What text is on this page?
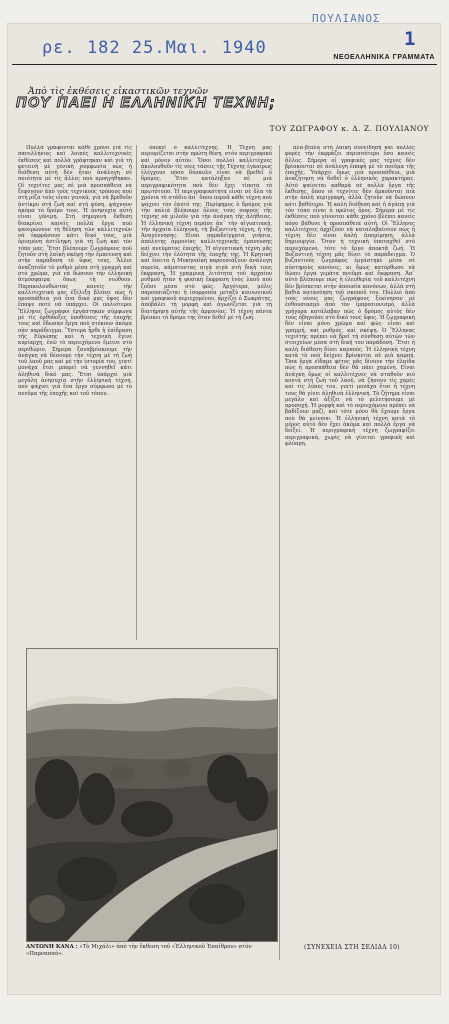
ρε. 182 25.Μαι. 1940
ΠΟΥΛΙΑΝΟΣ
1
ΝΕΟΕΛΛΗΝΙΚΑ ΓΡΑΜΜΑΤΑ
Ἀπὸ τὶς ἐκθέσεις εἰκαστικῶν τεχνῶν
ΠΟΥ ΠΑΕΙ Η ΕΛΛΗΝΙΚΗ ΤΕΧΝΗ;
ΤΟΥ ΖΩΓΡΑΦΟΥ κ. Δ. Ζ. ΠΟΥΛΙΑΝΟΥ

Πολλὰ γράφονται κάθε χρόνο γιὰ τὶς πανελλήνιες καὶ λοιπὲς καλλιτεχνικὲς ἐκθέσεις καὶ πολλὰ γράφτηκαν καὶ γιὰ τὴ φετεινὴ μὲ γενικὴ συμφωνία πὼς ἡ διάθεση αὐτὴ δὲν ἦταν ἀνάλογη σὲ ποιότητα μὲ τὶς ἄλλες ποὺ προηγήθηκαν. Οἱ τεχνίτες μας σὲ μιὰ προσπάθεια νὰ ξεφύγουν ἀπὸ τοὺς τεχνικοὺς τρόπους ποὺ στὴ ρίζα τοὺς εἶναι γενικά, γιὰ νὰ βρεθοῦν ἀντίκρυ στὴ ζωὴ καὶ στὴ φύση, ψάχνουν ἀκόμα τὸ δρόμο τους. Ἡ ἀνησυχία αὐτὴ εἶναι γόνιμη. Στὴ σημερινὴ ἔκθεση διακρίνει κανεὶς πολλὰ ἔργα ποὺ φανερώνουν τὴ θέληση τῶν καλλιτεχνῶν νὰ ἐκφράσουν κάτι δικό τους, μιὰ ὁρισμένη ἀντίληψη γιὰ τὴ ζωὴ καὶ τὸν τόπο μας. Ἔτσι βλέπουμε ζωγράφους ποὺ ζητοῦν στὴ λαϊκὴ σκέψη τὴν ἔμπνευση καὶ στὴν παράδοση τὸ ὕφος τους. Ἄλλοι ἀναζητοῦν τὸ ρυθμὸ μέσα στὴ γραμμὴ καὶ στὸ χρῶμα, γιὰ νὰ δώσουν τὴν ἑλληνικὴ ἀτμόσφαιρα ὅπως τὴ νιώθουν. Παρακολουθώντας κανεὶς τὴν καλλιτεχνικὴ μας ἐξέλιξη βλέπει πὼς ἡ προσπάθεια γιὰ ἕνα δικό μας ὕφος δὲν ἔπαψε ποτὲ νὰ ὑπάρχει. Οἱ παλιότεροι Ἕλληνες ζωγράφοι ἐργάστηκαν σύμφωνα μὲ τὶς ὀρθόδοξες ὑποθέσεις τῆς ἐποχῆς τους καὶ ἔδωσαν ἔργα ποὺ στέκουν ἀκόμα σὰν παράδειγμα. Ὕστερα ἦρθε ἡ ἐπίδραση τῆς Εὐρώπης καὶ ἡ τεχνικὴ ἔγινε κυρίαρχη, ἐνῶ τὸ περιεχόμενο ἔμεινε στὸ περιθώριο. Σήμερα ξαναβρίσκουμε τὴν ἀνάγκη νὰ δέσουμε τὴν τέχνη μὲ τὴ ζωὴ τοῦ λαοῦ μας καὶ μὲ τὴν ἱστορία του, γιατὶ μονάχα ἔτσι μπορεῖ νὰ γεννηθεῖ κάτι ἀληθινὰ δικό μας. Ἔτσι ὑπάρχει μιὰ μεγάλη ἀνησυχία στὴν ἑλληνικὴ τέχνη, ποὺ ψάχνει γιὰ ἕνα ἔργο σύμφωνο μὲ τὸ πνεῦμα τῆς ἐποχῆς καὶ τοῦ τόπου.

ὑπεκεῖ ὁ καλλιτέχνης. Ἡ Τέχνη μας περιορίζεται στὴν πρώτη θέση, στὸν περιγραφικὸ καὶ μόνον αὐτόν. Ὅσοι πολλοὶ καλλιτέχνες ἀκολουθοῦν τὶς νέες τάσεις τῆς Τέχνης ἐγκαίρως ἐλέγχουν πόσο δύσκολο εἶναι νὰ βρεθεῖ ὁ δρόμος. Ἔτσι κατάληξαν σὲ μιὰ περιγραφικότητα ποὺ δὲν ἔχει τίποτα τὸ πρωτότυπο. Ἡ περιγραφικότητα εἶναι σὲ ὅλα τὰ χρόνια τὸ στάδιο ἀπ᾽ ὅπου περνᾶ κάθε τέχνη ποὺ ψάχνει τὸν ἑαυτό της. Περίφημος ὁ δρόμος γιὰ τὴν παλιὰ βλέπουμε ὅλους τοὺς σοφοὺς τῆς τέχνης νὰ μιλοῦν γιὰ τὴν ἀνάγκη τῆς ἀλήθειας. Ἡ ἑλληνικὴ τέχνη περάσε ἀπ᾽ τὴν αἰγυπτιακή, τὴν ἀρχαία ἑλληνική, τὴ βυζαντινὴ τέχνη, ἡ τῆς Ἀναγέννησης. Εἶναι παραδείγματα γνήσια, ἀπόλυτης ἁρμονίας καλλιτεχνικῆς ἐμπνευσης καὶ πνεύματος ἐποχῆς. Ἡ αἰγυπτιακὴ τέχνη μᾶς δείχνει τὴν ἑλότητα τῆς ἐποχῆς της. Ἡ Κρητικὴ καὶ ἔπειτα ἡ Μυκηναϊκὴ παρουσιάζουν ἀνάλογη πορεία, κάμπτοντας σιγὰ σιγὰ στὴ δική τους ἔκφραση. Ἡ γραμμικὴ λιτότητα τοῦ ἀρχαίου ρυθμοῦ ἦταν ἡ φυσικὴ ἔκφραση ἑνὸς λαοῦ ποὺ ζοῦσε μέσα στὸ φῶς. Ἀργότερα, μόλις παρουσιάζεται ἡ ἰσορροπία μεταξὺ κοινωνικοῦ καὶ γραφικοῦ περιεχομένου, ἀρχίζει ὁ Σωκράτης, ἀποβάλει τὴ μορφὴ καὶ ἀγωνίζεται γιὰ τὴ διατήρηση αὐτῆς τῆς ἁρμονίας. Ἡ τέχνη πάντα βρίσκει τὸ δρόμο της ὅταν δεθεῖ μὲ τὴ ζωή.

πλα-βίπλα στὴ λαϊκὴ συνείδηση καὶ πολλὲς φορὲς τὴν ἐκφράζει περισσότερο ὅσο κανεὶς ἄλλος. Σήμερα οἱ γραφικὲς μας τέχνες δὲν βρίσκονται σὲ ἀνάλογη ἐπαφὴ μὲ τὸ πνεῦμα τῆς ἐποχῆς. Ὑπάρχει ὅμως μιὰ προσπάθεια, μιὰ ἀναζήτηση νὰ δοθεῖ ὁ ἑλληνικὸς χαρακτήρας. Αὐτὸ φαίνεται καθαρὰ σὲ πολλὰ ἔργα τῆς ἔκθεσης, ὅπου οἱ τεχνίτες δὲν ἀρκοῦνται πιὰ στὴν ἁπλὴ περιγραφή, ἀλλὰ ζητοῦν νὰ δώσουν κάτι βαθύτερο. Ἡ καλὴ διάθεση καὶ ἡ ἀγάπη γιὰ τὸν τόπο εἶναι ὁ πρῶτος ὅρος. Σήμερα μὲ τὶς ἐκθέσεις ποὺ γίνονται κάθε χρόνο βλέπει κανεὶς πόσο βάθυνε ἡ προσπάθεια αὐτή. Οἱ Ἕλληνες καλλιτέχνες ἀρχίζουν νὰ καταλαβαίνουν πὼς ἡ τέχνη δὲν εἶναι ἁπλὴ ἀπομίμηση, ἀλλὰ δημιουργία. Ὅταν ἡ τεχνικὴ ὑποταχθεῖ στὸ περιεχόμενο, τότε τὸ ἔργο ἀποκτᾶ ζωή. Ἡ Βυζαντινὴ τέχνη μᾶς δίνει τὸ παράδειγμα. Ὁ βυζαντινὸς ζωγράφος ἐργάστηκε μέσα σὲ αὐστηροὺς κανόνες, κι ὅμως κατόρθωσε νὰ δώσει ἔργα γεμάτα πνεῦμα καὶ ἔκφραση. Ἀπ᾽ αὐτὸ βλέπουμε πὼς ἡ ἐλευθερία τοῦ καλλιτέχνη δὲν βρίσκεται στὴν ἀπουσία κανόνων, ἀλλὰ στὴ βαθιὰ κατανόηση τοῦ σκοποῦ του. Πολλοὶ ἀπὸ τοὺς νέους μας ζωγράφους ξεκίνησαν μὲ ἐνθουσιασμὸ ἀπὸ τὸν ἰμπρεσιονισμό, ἀλλὰ γρήγορα κατάλαβαν πὼς ὁ δρόμος αὐτὸς δὲν τοὺς ὁδηγοῦσε στὸ δικό τους ὕφος. Ἡ ζωγραφικὴ δὲν εἶναι μόνο χρῶμα καὶ φῶς· εἶναι καὶ γραμμή, καὶ ρυθμός, καὶ σκέψη. Ὁ Ἕλληνας τεχνίτης πρέπει νὰ βρεῖ τὴ σύνθεση αὐτῶν τῶν στοιχείων μέσα στὴ δική του παράδοση. Ἔτσι ἡ καλὴ διάθεση δίνει καρπούς. Ἡ ἑλληνικὴ τέχνη κατὰ τὸ ποὺ δείχνει βρίσκεται σὲ μιὰ καμπή. Ὅσα ἔργα εἴδαμε φέτος μᾶς δίνουν τὴν ἐλπίδα πὼς ἡ προσπάθεια δὲν θὰ πάει χαμένη. Εἶναι ἀνάγκη ὅμως οἱ καλλιτέχνες νὰ σταθοῦν πιὸ κοντὰ στὴ ζωὴ τοῦ λαοῦ, νὰ ζήσουν τὶς χαρὲς καὶ τὶς λύπες του, γιατὶ μονάχα ἔτσι ἡ τέχνη τους θὰ γίνει ἀληθινὰ ἑλληνική. Τὸ ζήτημα εἶναι μεγάλο καὶ ἀξίζει νὰ τὸ μελετήσουμε μὲ προσοχή. Ἡ μορφὴ καὶ τὸ περιεχόμενο πρέπει νὰ βαδίζουν μαζί, καὶ τότε μόνο θὰ ἔχουμε ἔργα ποὺ θὰ μείνουν. Ἡ ἑλληνικὴ τέχνη κατὰ τὸ μέρος αὐτὸ δὲν ἔχει ἀκόμα καὶ πολλὰ ἔργα νὰ δείξει. Ἡ περιγραφικὴ τέχνη ζωγραφίζει περιγραφικά, χωρὶς νὰ γίνεται γραφικὴ καὶ φλύαρη.

A. Kava
ΑΝΤΩΝΗ ΚΑΝΑ : «Τὸ Μιχάλι» ἀπὸ τὴν ἔκθεση τοῦ «Ἑλληνικοῦ Ἐπαίθρου» στὸν «Παρνασσό».
(ΣΥΝΕΧΕΙΑ ΣΤΗ ΣΕΛΙΔΑ 10)
